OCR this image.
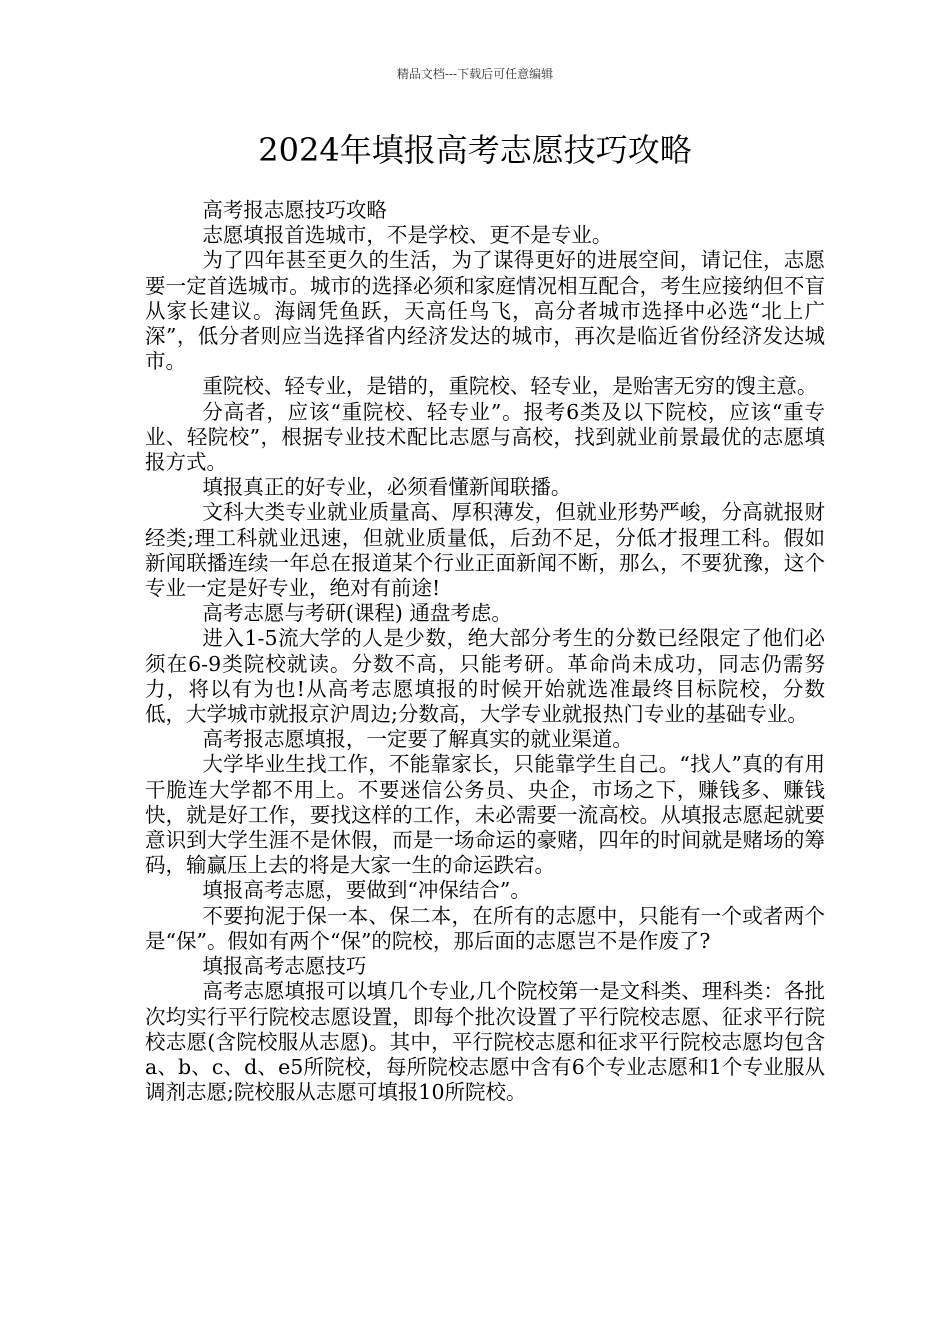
精品文档---下载后可任意编辑
2024年填报高考志愿技巧攻略

高考报志愿技巧攻略

志愿填报首选城市，不是学校、更不是专业。

为了四年甚至更久的生活，为了谋得更好的进展空间，请记住，志愿要一定首选城市。城市的选择必须和家庭情况相互配合，考生应接纳但不盲从家长建议。海阔凭鱼跃，天高任鸟飞，高分者城市选择中必选“北上广深”，低分者则应当选择省内经济发达的城市，再次是临近省份经济发达城市。

重院校、轻专业，是错的，重院校、轻专业，是贻害无穷的馊主意。

分高者，应该“重院校、轻专业”。报考6类及以下院校，应该“重专业、轻院校”，根据专业技术配比志愿与高校，找到就业前景最优的志愿填报方式。

填报真正的好专业，必须看懂新闻联播。

文科大类专业就业质量高、厚积薄发，但就业形势严峻，分高就报财经类;理工科就业迅速，但就业质量低，后劲不足，分低才报理工科。假如新闻联播连续一年总在报道某个行业正面新闻不断，那么，不要犹豫，这个专业一定是好专业，绝对有前途!

高考志愿与考研(课程) 通盘考虑。

进入1-5流大学的人是少数，绝大部分考生的分数已经限定了他们必须在6-9类院校就读。分数不高，只能考研。革命尚未成功，同志仍需努力，将以有为也!从高考志愿填报的时候开始就选准最终目标院校，分数低，大学城市就报京沪周边;分数高，大学专业就报热门专业的基础专业。

高考报志愿填报，一定要了解真实的就业渠道。

大学毕业生找工作，不能靠家长，只能靠学生自己。“找人”真的有用干脆连大学都不用上。不要迷信公务员、央企，市场之下，赚钱多、赚钱快，就是好工作，要找这样的工作，未必需要一流高校。从填报志愿起就要意识到大学生涯不是休假，而是一场命运的豪赌，四年的时间就是赌场的筹码，输赢压上去的将是大家一生的命运跌宕。

填报高考志愿，要做到“冲保结合”。

不要拘泥于保一本、保二本，在所有的志愿中，只能有一个或者两个是“保”。假如有两个“保”的院校，那后面的志愿岂不是作废了?

填报高考志愿技巧

高考志愿填报可以填几个专业,几个院校第一是文科类、理科类：各批次均实行平行院校志愿设置，即每个批次设置了平行院校志愿、征求平行院校志愿(含院校服从志愿)。其中，平行院校志愿和征求平行院校志愿均包含a、b、c、d、e5所院校，每所院校志愿中含有6个专业志愿和1个专业服从调剂志愿;院校服从志愿可填报10所院校。
